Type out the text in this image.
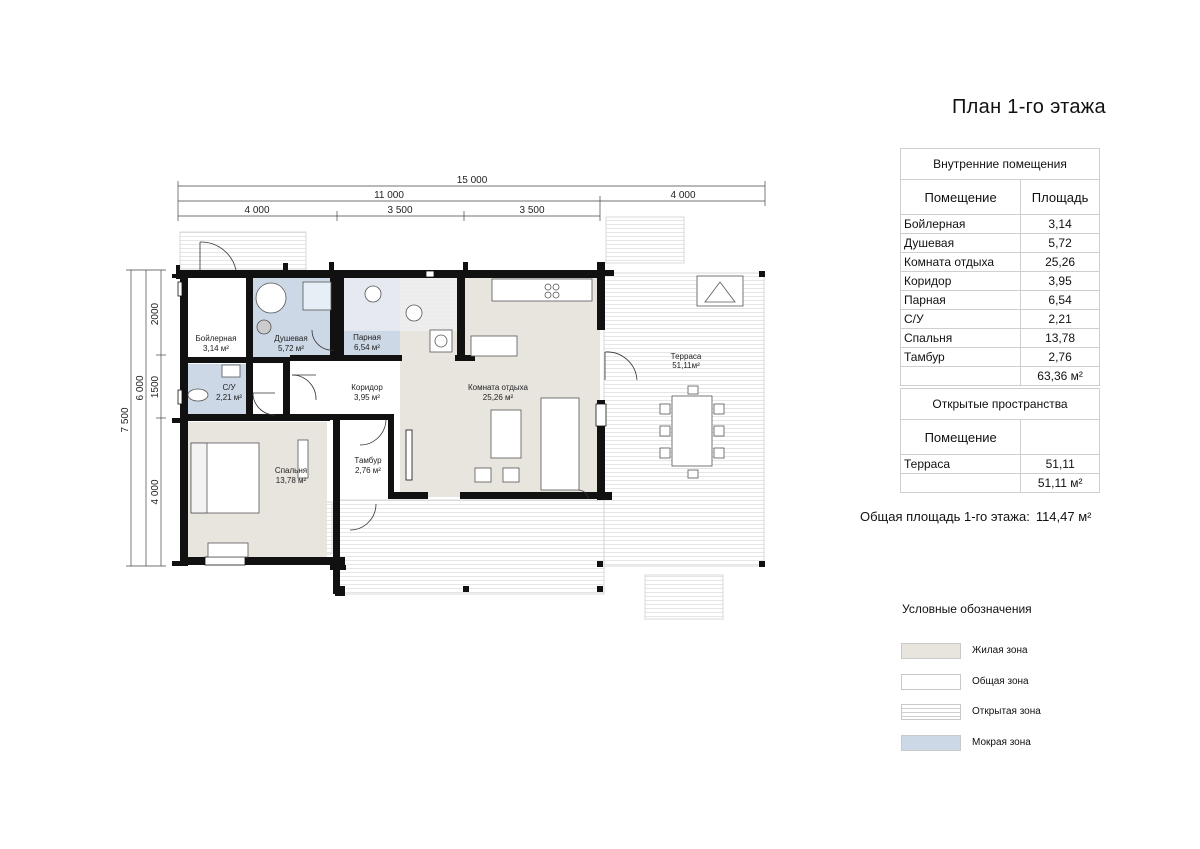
15 000
11 000	4 000
4 000	3 500	3 500
7 500
6 000
2000
1500
4 000
Бойлерная
3,14 м²
Душевая
5,72 м²
Парная
6,54 м²
С/У
2,21 м²
Коридор
3,95 м²
Комната отдыха
25,26 м²
Спальня
13,78 м²
Тамбур
2,76 м²
Терраса
51,11м²
План 1-го этажа
Внутренние помещения	
Помещение	Площадь
Бойлерная	3,14
Душевая	5,72
Комната отдыха	25,26
Коридор	3,95
Парная	6,54
С/У	2,21
Спальня	13,78
Тамбур	2,76
	63,36 м²
Открытые пространства	
Помещение	
Терраса	51,11
	51,11 м²
Общая площадь 1-го этажа: 114,47 м²
Условные обозначения
Жилая зона
Общая зона
Открытая зона
Мокрая зона
